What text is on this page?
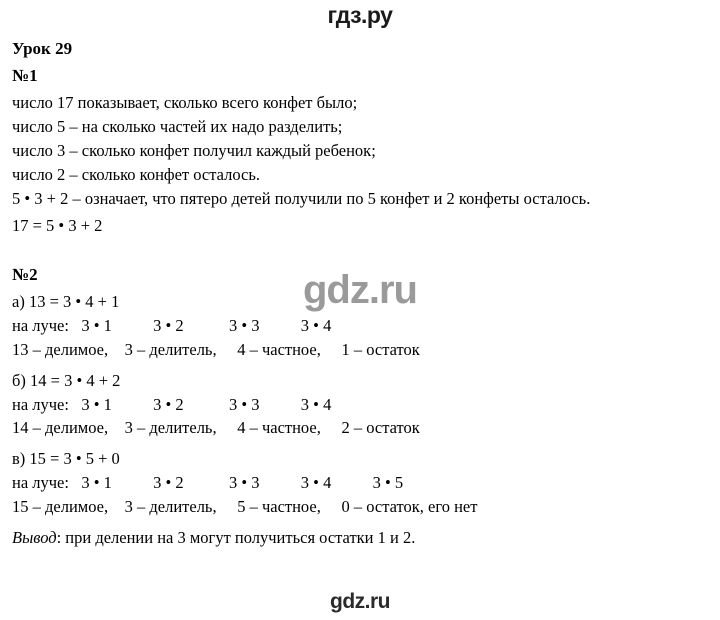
гдз.ру
Урок 29
№1
число 17 показывает, сколько всего конфет было;
число 5 – на сколько частей их надо разделить;
число 3 – сколько конфет получил каждый ребенок;
число 2 – сколько конфет осталось.
5 • 3 + 2 – означает, что пятеро детей получили по 5 конфет и 2 конфеты осталось.
17 = 5 • 3 + 2
№2
а) 13 = 3 • 4 + 1
на луче:   3 • 1          3 • 2           3 • 3          3 • 4
13 – делимое,    3 – делитель,     4 – частное,     1 – остаток
б) 14 = 3 • 4 + 2
на луче:   3 • 1          3 • 2           3 • 3          3 • 4
14 – делимое,    3 – делитель,     4 – частное,     2 – остаток
в) 15 = 3 • 5 + 0
на луче:   3 • 1          3 • 2           3 • 3          3 • 4          3 • 5
15 – делимое,    3 – делитель,     5 – частное,     0 – остаток, его нет
Вывод: при делении на 3 могут получиться остатки 1 и 2.
gdz.ru
gdz.ru
